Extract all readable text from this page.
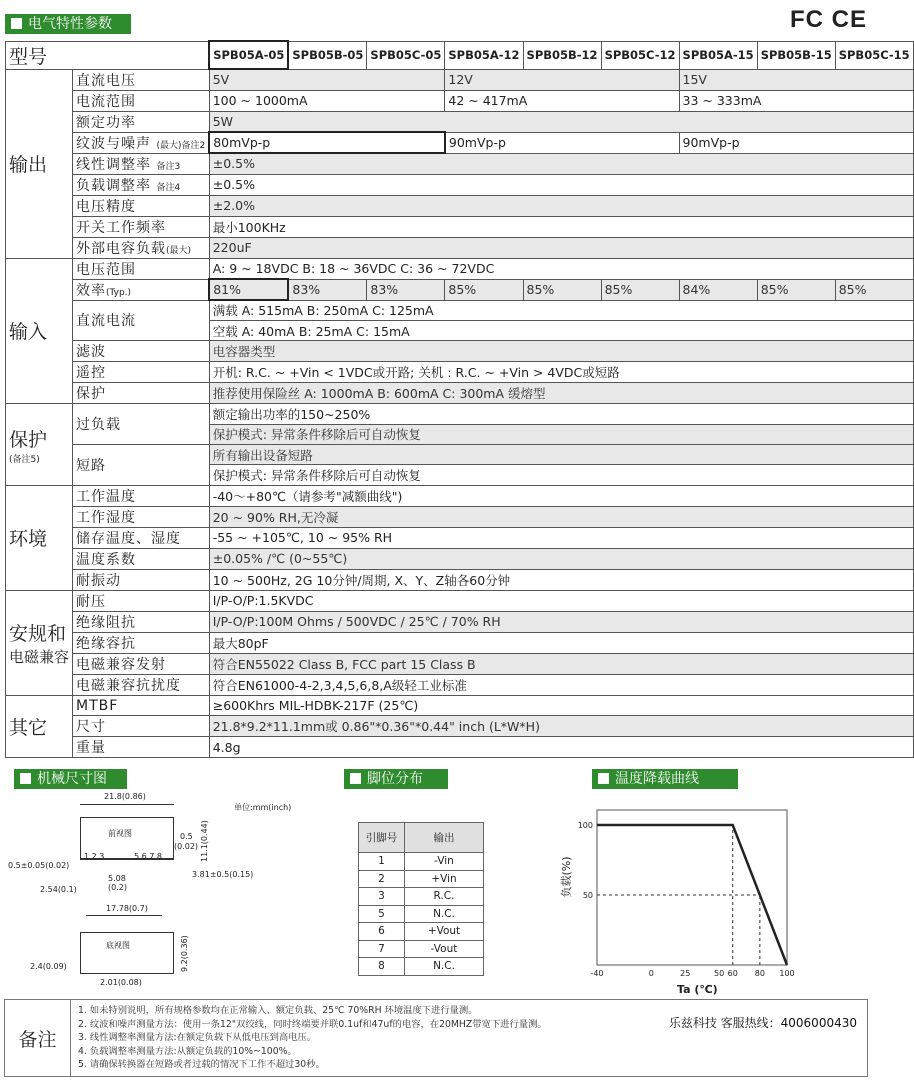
电气特性参数	FC CE
型号		SPB05A-05	SPB05B-05	SPB05C-05	SPB05A-12	SPB05B-12	SPB05C-12	SPB05A-15	SPB05B-15	SPB05C-15
输出	直流电压	5V			12V			15V		
	电流范围	100 ~ 1000mA			42 ~ 417mA			33 ~ 333mA		
	额定功率	5W								
	纹波与噪声 (最大)备注2	80mVp-p			90mVp-p			90mVp-p		
	线性调整率 备注3	±0.5%								
	负载调整率 备注4	±0.5%								
	电压精度	±2.0%								
	开关工作频率	最小100KHz								
	外部电容负载(最大)	220uF								
输入	电压范围	A: 9 ~ 18VDC B: 18 ~ 36VDC C: 36 ~ 72VDC								
	效率(Typ.)	81%	83%	83%	85%	85%	85%	84%	85%	85%
	直流电流	满载 A: 515mA B: 250mA C: 125mA								
		空载 A: 40mA B: 25mA C: 15mA								
	滤波	电容器类型								
	遥控	开机: R.C. ~ +Vin < 1VDC或开路; 关机 : R.C. ~ +Vin > 4VDC或短路								
	保护	推荐使用保险丝 A: 1000mA B: 600mA C: 300mA 缓熔型								

保护
(备注5)	过负载	额定输出功率的150~250%								
		保护模式: 异常条件移除后可自动恢复								
	短路	所有输出设备短路								
		保护模式: 异常条件移除后可自动恢复								
环境	工作温度	-40～+80℃（请参考"减额曲线")								
	工作湿度	20 ~ 90% RH,无冷凝								
	储存温度、湿度	-55 ~ +105℃, 10 ~ 95% RH								
	温度系数	±0.05% /℃ (0~55℃)								
	耐振动	10 ~ 500Hz, 2G 10分钟/周期, X、Y、Z轴各60分钟								

安规和
电磁兼容	耐压	I/P-O/P:1.5KVDC								
	绝缘阻抗	I/P-O/P:100M Ohms / 500VDC / 25℃ / 70% RH								
	绝缘容抗	最大80pF								
	电磁兼容发射	符合EN55022 Class B, FCC part 15 Class B								
	电磁兼容抗扰度	符合EN61000-4-2,3,4,5,6,8,A级轻工业标准								
其它	MTBF	≥600Khrs MIL-HDBK-217F (25℃)								
	尺寸	21.8*9.2*11.1mm或 0.86"*0.36"*0.44" inch (L*W*H)								
	重量	4.8g								
机械尺寸图	脚位分布	温度降载曲线
21.8(0.86)
单位:mm(inch)
前视图	0.5
(0.02) 11.1(0.44)
1 2 3	5 6 7 8
0.5±0.05(0.02)
3.81±0.5(0.15)
5.08
(0.2)
2.54(0.1)
17.78(0.7)
底视图	9.2(0.36)
2.4(0.09)
2.01(0.08)
引脚号	输出
1	-Vin
2	+Vin
3	R.C.
5	N.C.
6	+Vout
7	-Vout
8	N.C.
-40	0	25	50 60 80 100
50
100
Ta (℃)
负载(%)
备注
1. 如未特别说明，所有规格参数均在正常输入、额定负载、25℃ 70%RH 环境温度下进行量测。
2. 纹波和噪声测量方法：使用一条12"双绞线，同时终端要并联0.1uf和47uf的电容，在20MHZ带宽下进行量测。
3. 线性调整率测量方法:在额定负载下从低电压到高电压。
4. 负载调整率测量方法:从额定负载的10%~100%。
5. 请确保转换器在短路或者过载的情况下工作不超过30秒。
乐兹科技 客服热线：4006000430
